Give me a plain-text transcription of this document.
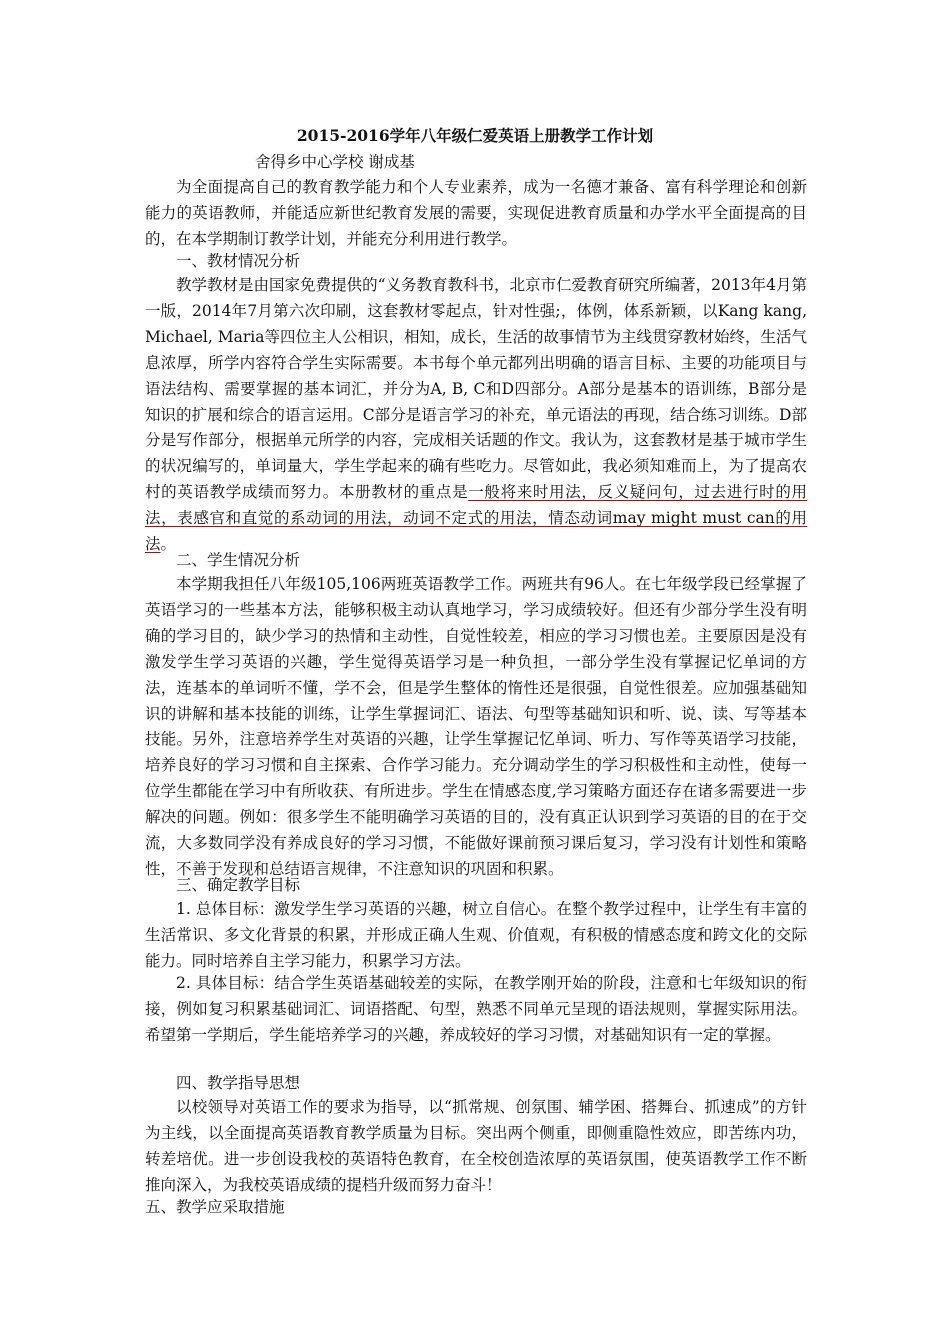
2015-2016学年八年级仁爱英语上册教学工作计划
舍得乡中心学校 谢成基

为全面提高自己的教育教学能力和个人专业素养，成为一名德才兼备、富有科学理论和创新能力的英语教师，并能适应新世纪教育发展的需要，实现促进教育质量和办学水平全面提高的目的，在本学期制订教学计划，并能充分利用进行教学。

一、教材情况分析

教学教材是由国家免费提供的“义务教育教科书，北京市仁爱教育研究所编著，2013年4月第一版，2014年7月第六次印刷，这套教材零起点，针对性强;，体例，体系新颖，以Kang kang, Michael, Maria等四位主人公相识，相知，成长，生活的故事情节为主线贯穿教材始终，生活气息浓厚，所学内容符合学生实际需要。本书每个单元都列出明确的语言目标、主要的功能项目与语法结构、需要掌握的基本词汇，并分为A, B, C和D四部分。A部分是基本的语训练，B部分是知识的扩展和综合的语言运用。C部分是语言学习的补充，单元语法的再现，结合练习训练。D部分是写作部分，根据单元所学的内容，完成相关话题的作文。我认为，这套教材是基于城市学生的状况编写的，单词量大，学生学起来的确有些吃力。尽管如此，我必须知难而上，为了提高农村的英语教学成绩而努力。本册教材的重点是一般将来时用法，反义疑问句，过去进行时的用法，表感官和直觉的系动词的用法，动词不定式的用法，情态动词may might must can的用法。

二、学生情况分析

本学期我担任八年级105,106两班英语教学工作。两班共有96人。在七年级学段已经掌握了英语学习的一些基本方法，能够积极主动认真地学习，学习成绩较好。但还有少部分学生没有明确的学习目的，缺少学习的热情和主动性，自觉性较差，相应的学习习惯也差。主要原因是没有激发学生学习英语的兴趣，学生觉得英语学习是一种负担，一部分学生没有掌握记忆单词的方法，连基本的单词听不懂，学不会，但是学生整体的惰性还是很强，自觉性很差。应加强基础知识的讲解和基本技能的训练，让学生掌握词汇、语法、句型等基础知识和听、说、读、写等基本技能。另外，注意培养学生对英语的兴趣，让学生掌握记忆单词、听力、写作等英语学习技能，培养良好的学习习惯和自主探索、合作学习能力。充分调动学生的学习积极性和主动性，使每一位学生都能在学习中有所收获、有所进步。学生在情感态度,学习策略方面还存在诸多需要进一步解决的问题。例如：很多学生不能明确学习英语的目的，没有真正认识到学习英语的目的在于交流，大多数同学没有养成良好的学习习惯，不能做好课前预习课后复习，学习没有计划性和策略性，不善于发现和总结语言规律，不注意知识的巩固和积累。

三、确定教学目标

1. 总体目标：激发学生学习英语的兴趣，树立自信心。在整个教学过程中，让学生有丰富的生活常识、多文化背景的积累，并形成正确人生观、价值观，有积极的情感态度和跨文化的交际能力。同时培养自主学习能力，积累学习方法。

2. 具体目标：结合学生英语基础较差的实际，在教学刚开始的阶段，注意和七年级知识的衔接，例如复习积累基础词汇、词语搭配、句型，熟悉不同单元呈现的语法规则，掌握实际用法。希望第一学期后，学生能培养学习的兴趣，养成较好的学习习惯，对基础知识有一定的掌握。

四、教学指导思想

以校领导对英语工作的要求为指导，以“抓常规、创氛围、辅学困、搭舞台、抓速成”的方针为主线，以全面提高英语教育教学质量为目标。突出两个侧重，即侧重隐性效应，即苦练内功，转差培优。进一步创设我校的英语特色教育，在全校创造浓厚的英语氛围，使英语教学工作不断推向深入，为我校英语成绩的提档升级而努力奋斗！

五、教学应采取措施
